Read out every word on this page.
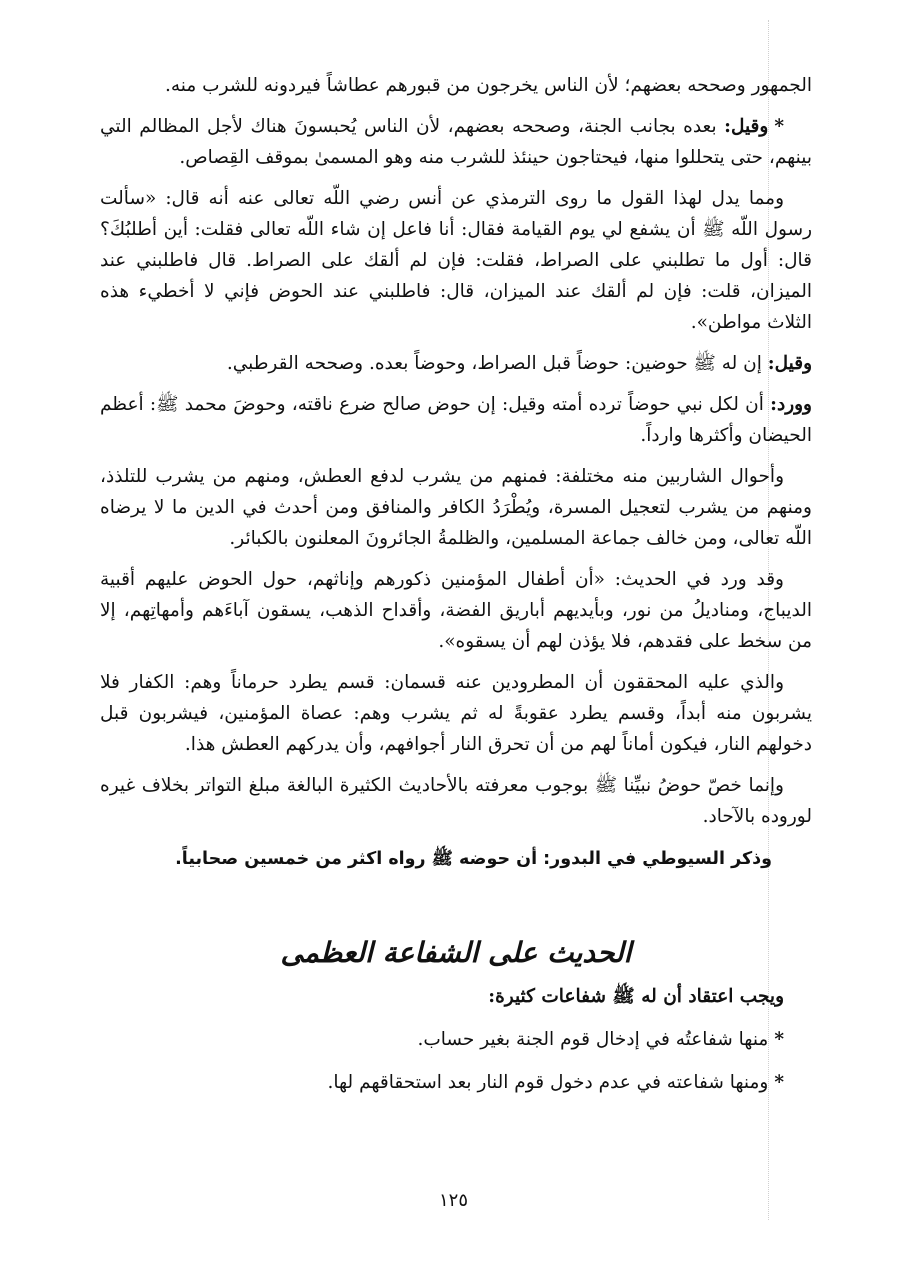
الجمهور وصححه بعضهم؛ لأن الناس يخرجون من قبورهم عطاشاً فيردونه للشرب منه.

*وقيل: بعده بجانب الجنة، وصححه بعضهم، لأن الناس يُحبسونَ هناك لأجل المظالم التي بينهم، حتى يتحللوا منها، فيحتاجون حينئذ للشرب منه وهو المسمىٰ بموقف القِصاص.

ومما يدل لهذا القول ما روى الترمذي عن أنس رضي اللّه تعالى عنه أنه قال: «سألت رسول اللّه ﷺ أن يشفع لي يوم القيامة فقال: أنا فاعل إن شاء اللّه تعالى فقلت: أين أطلبُكَ؟ قال: أول ما تطلبني على الصراط، فقلت: فإن لم ألقك على الصراط. قال فاطلبني عند الميزان، قلت: فإن لم ألقك عند الميزان، قال: فاطلبني عند الحوض فإني لا أخطيء هذه الثلاث مواطن».

وقيل: إن له ﷺ حوضين: حوضاً قبل الصراط، وحوضاً بعده. وصححه القرطبي.

وورد: أن لكل نبي حوضاً ترده أمته وقيل: إن حوض صالح ضرع ناقته، وحوضَ محمد ﷺ: أعظم الحيضان وأكثرها وارداً.

وأحوال الشاربين منه مختلفة: فمنهم من يشرب لدفع العطش، ومنهم من يشرب للتلذذ، ومنهم من يشرب لتعجيل المسرة، ويُطْرَدُ الكافر والمنافق ومن أحدث في الدين ما لا يرضاه اللّه تعالى، ومن خالف جماعة المسلمين، والظلمةُ الجائرونَ المعلنون بالكبائر.

وقد ورد في الحديث: «أن أطفال المؤمنين ذكورهم وإناثهم، حول الحوض عليهم أقبية الديباج، ومناديلُ من نور، وبأيديهم أباريق الفضة، وأقداح الذهب، يسقون آباءَهم وأمهاتِهم، إلا من سخط على فقدهم، فلا يؤذن لهم أن يسقوه».

والذي عليه المحققون أن المطرودين عنه قسمان: قسم يطرد حرماناً وهم: الكفار فلا يشربون منه أبداً، وقسم يطرد عقوبةً له ثم يشرب وهم: عصاة المؤمنين، فيشربون قبل دخولهم النار، فيكون أماناً لهم من أن تحرق النار أجوافهم، وأن يدركهم العطش هذا.

وإنما خصّ حوضُ نبيِّنا ﷺ بوجوب معرفته بالأحاديث الكثيرة البالغة مبلغ التواتر بخلاف غيره لوروده بالآحاد.

وذكر السيوطي في البدور: أن حوضه ﷺ رواه اكثر من خمسين صحابياً.

الحديث على الشفاعة العظمى

ويجب اعتقاد أن له ﷺ شفاعات كثيرة:

*منها شفاعتُه في إدخال قوم الجنة بغير حساب.

*ومنها شفاعته في عدم دخول قوم النار بعد استحقاقهم لها.

١٢٥
